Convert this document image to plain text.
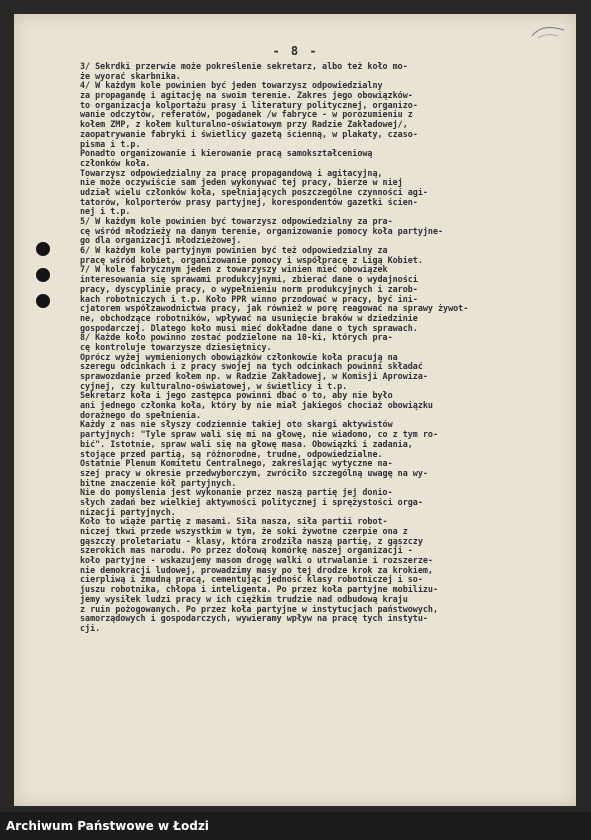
- 8 -
3/ Sekrdki przerwie może pokreślenie sekretarz, albo też koło mo-
że wyorać skarbnika.
4/ W każdym kole powinien być jeden towarzysz odpowiedzialny
za propagandę i agitację na swoim terenie. Zakres jego obowiązków-
to organizacja kolportażu prasy i literatury politycznej, organizo-
wanie odczytów, referatów, pogadanek /w fabryce - w porozumieniu z
kołem ZMP, z kołem kulturalno-oświatowym przy Radzie Zakładowej/,
zaopatrywanie fabryki i świetlicy gazetą ścienną, w plakaty, czaso-
pisma i t.p.
Ponadto organizowanie i kierowanie pracą samokształceniową
członków koła.
Towarzysz odpowiedzialny za pracę propagandową i agitacyjną,
nie może oczywiście sam jeden wykonywać tej pracy, bierze w niej
udział wielu członków koła, spełniających poszczególne czynności agi-
tatorów, kolporterów prasy partyjnej, korespondentów gazetki ścien-
nej i t.p.
5/ W każdym kole powinien być towarzysz odpowiedzialny za pra-
cę wśród młodzieży na danym terenie, organizowanie pomocy koła partyjne-
go dla organizacji młodzieżowej.
6/ W każdym kole partyjnym powinien być też odpowiedzialny za
pracę wśród kobiet, organizowanie pomocy i współpracę z Ligą Kobiet.
7/ W kole fabrycznym jeden z towarzyszy winien mieć obowiązek
interesowania się sprawami produkcyjnymi, zbierać dane o wydajności
pracy, dyscyplinie pracy, o wypełnieniu norm produkcyjnych i zarob-
kach robotniczych i t.p. Koło PPR winno przodować w pracy, być ini-
cjatorem współzawodnictwa pracy, jak również w porę reagować na sprawy żywot-
ne, obchodzące robotników, wpływać na usunięcie braków w dziedzinie
gospodarczej. Dlatego koło musi mieć dokładne dane o tych sprawach.
8/ Każde koło powinno zostać podzielone na 10-ki, których pra-
cę kontroluje towarzysze dziesiętnicy.
Oprócz wyżej wymienionych obowiązków członkowie koła pracują na
szeregu odcinkach i z pracy swojej na tych odcinkach powinni składać
sprawozdanie przed kołem np. w Radzie Zakładowej, w Komisji Aprowiza-
cyjnej, czy kulturalno-oświatowej, w świetlicy i t.p.
Sekretarz koła i jego zastępca powinni dbać o to, aby nie było
ani jednego członka koła, który by nie miał jakiegoś chociaż obowiązku
dorażnego do spełnienia.
Każdy z nas nie słyszy codziennie takiej oto skargi aktywistów
partyjnych: "Tyle spraw wali się mi na głowę, nie wiadomo, co z tym ro-
bić". Istotnie, spraw wali się na głowę masa. Obowiązki i zadania,
stojące przed partią, są różnorodne, trudne, odpowiedzialne.
Ostatnie Plenum Komitetu Centralnego, zakreślając wytyczne na-
szej pracy w okresie przedwyborczym, zwróciło szczególną uwagę na wy-
bitne znaczenie kół partyjnych.
Nie do pomyślenia jest wykonanie przez naszą partię jej donio-
słych zadań bez wielkiej aktywności politycznej i sprężystości orga-
nizacji partyjnych.
Koło to wiąże partię z masami. Siła nasza, siła partii robot-
niczej tkwi przede wszystkim w tym, że soki żywotne czerpie ona z
gąszczy proletariatu - klasy, która zrodziła naszą partię, z gąszczy
szerokich mas narodu. Po przez dołową komórkę naszej organizacji -
koło partyjne - wskazujemy masom drogę walki o utrwalanie i rozszerze-
nie demokracji ludowej, prowadzimy masy po tej drodze krok za krokiem,
cierpliwą i żmudną pracą, cementując jedność klasy robotniczej i so-
juszu robotnika, chłopa i inteligenta. Po przez koła partyjne mobilizu-
jemy wysiłek ludzi pracy w ich ciężkim trudzie nad odbudową kraju
z ruin pożogowanych. Po przez koła partyjne w instytucjach państwowych,
samorządowych i gospodarczych, wywieramy wpływ na pracę tych instytu-
cji.
Archiwum Państwowe w Łodzi
